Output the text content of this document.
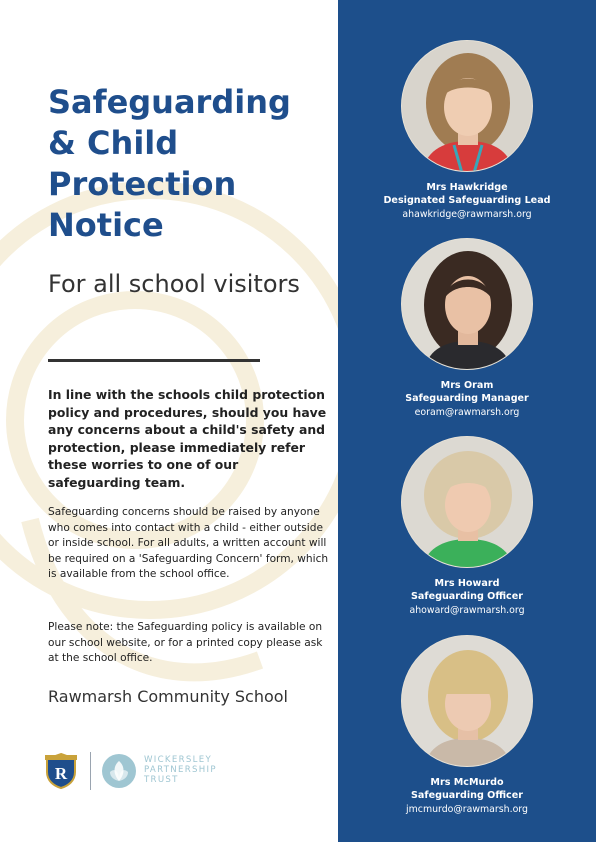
Safeguarding & Child Protection Notice

For all school visitors

In line with the schools child protection policy and procedures, should you have any concerns about a child's safety and protection, please immediately refer these worries to one of our safeguarding team.

Safeguarding concerns should be raised by anyone who comes into contact with a child - either outside or inside school. For all adults, a written account will be required on a 'Safeguarding Concern' form, which is available from the school office.

Please note: the Safeguarding policy is available on our school website, or for a printed copy please ask at the school office.

Rawmarsh Community School

R
WICKERSLEY
PARTNERSHIP
TRUST

Mrs Hawkridge

Designated Safeguarding Lead

ahawkridge@rawmarsh.org

Mrs Oram

Safeguarding Manager

eoram@rawmarsh.org

Mrs Howard

Safeguarding Officer

ahoward@rawmarsh.org

Mrs McMurdo

Safeguarding Officer

jmcmurdo@rawmarsh.org
